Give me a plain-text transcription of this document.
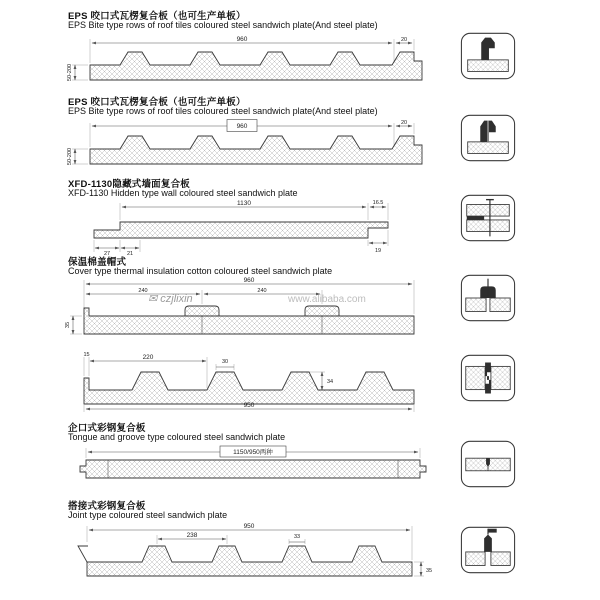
EPS 咬口式瓦楞复合板（也可生产单板）
EPS Bite type rows of roof tiles coloured steel sandwich plate(And steel plate)
960	20
50-200
EPS 咬口式瓦楞复合板（也可生产单板）
EPS Bite type rows of roof tiles coloured steel sandwich plate(And steel plate)
960	20
50-200
XFD-1130隐藏式墙面复合板
XFD-1130 Hidden type wall coloured steel sandwich plate
1130	16.5
27	21	19
保温棉盖帽式
Cover type thermal insulation cotton coloured steel sandwich plate
960
240	240
35
✉ czjlixin	www.alibaba.com
15	220
30
34
950
企口式彩钢复合板
Tongue and groove type coloured steel sandwich plate
1150/950两种
搭接式彩钢复合板
Joint type coloured steel sandwich plate
950
238	33
35
